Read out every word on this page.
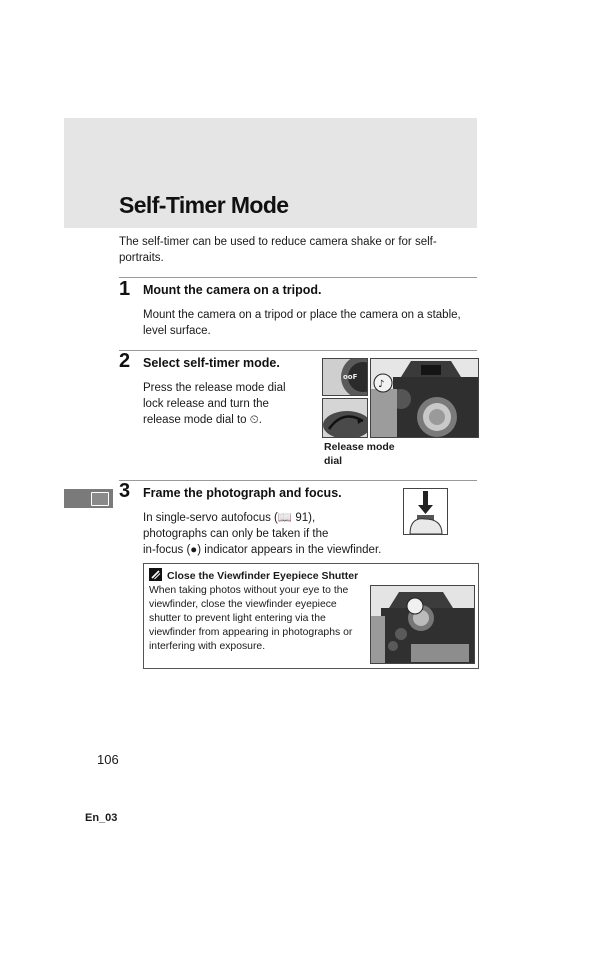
Self-Timer Mode
The self-timer can be used to reduce camera shake or for self-portraits.
1 Mount the camera on a tripod.
Mount the camera on a tripod or place the camera on a stable, level surface.
2 Select self-timer mode.
Press the release mode dial
lock release and turn the
release mode dial to ⏲.
ooF
♪
Release mode dial
3 Frame the photograph and focus.
In single-servo autofocus (📖 91),
photographs can only be taken if the
in-focus (●) indicator appears in the viewfinder.
Close the Viewfinder Eyepiece Shutter
When taking photos without your eye to the viewfinder, close the viewfinder eyepiece shutter to prevent light entering via the viewfinder from appearing in photographs or interfering with exposure.
106
En_03
